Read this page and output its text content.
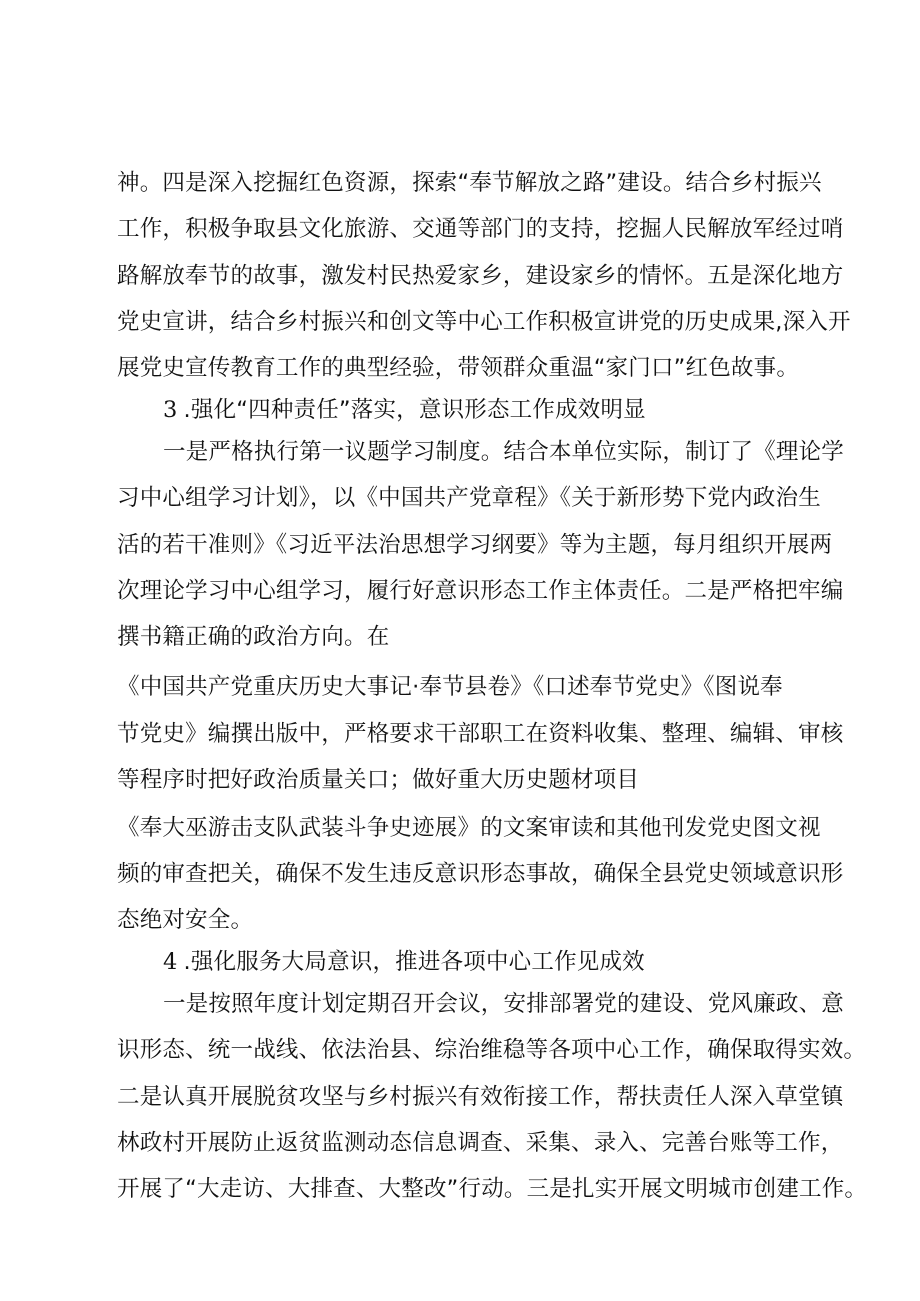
神。四是深入挖掘红色资源，探索“奉节解放之路”建设。结合乡村振兴
工作，积极争取县文化旅游、交通等部门的支持，挖掘人民解放军经过哨
路解放奉节的故事，激发村民热爱家乡，建设家乡的情怀。五是深化地方
党史宣讲，结合乡村振兴和创文等中心工作积极宣讲党的历史成果,深入开
展党史宣传教育工作的典型经验，带领群众重温“家门口”红色故事。
3 .强化“四种责任”落实，意识形态工作成效明显
一是严格执行第一议题学习制度。结合本单位实际，制订了《理论学
习中心组学习计划》，以《中国共产党章程》《关于新形势下党内政治生
活的若干准则》《习近平法治思想学习纲要》等为主题，每月组织开展两
次理论学习中心组学习，履行好意识形态工作主体责任。二是严格把牢编
撰书籍正确的政治方向。在
《中国共产党重庆历史大事记·奉节县卷》《口述奉节党史》《图说奉
节党史》编撰出版中，严格要求干部职工在资料收集、整理、编辑、审核
等程序时把好政治质量关口；做好重大历史题材项目
《奉大巫游击支队武装斗争史迹展》的文案审读和其他刊发党史图文视
频的审查把关，确保不发生违反意识形态事故，确保全县党史领域意识形
态绝对安全。
4 .强化服务大局意识，推进各项中心工作见成效
一是按照年度计划定期召开会议，安排部署党的建设、党风廉政、意
识形态、统一战线、依法治县、综治维稳等各项中心工作，确保取得实效。
二是认真开展脱贫攻坚与乡村振兴有效衔接工作，帮扶责任人深入草堂镇
林政村开展防止返贫监测动态信息调查、采集、录入、完善台账等工作，
开展了“大走访、大排查、大整改”行动。三是扎实开展文明城市创建工作。
